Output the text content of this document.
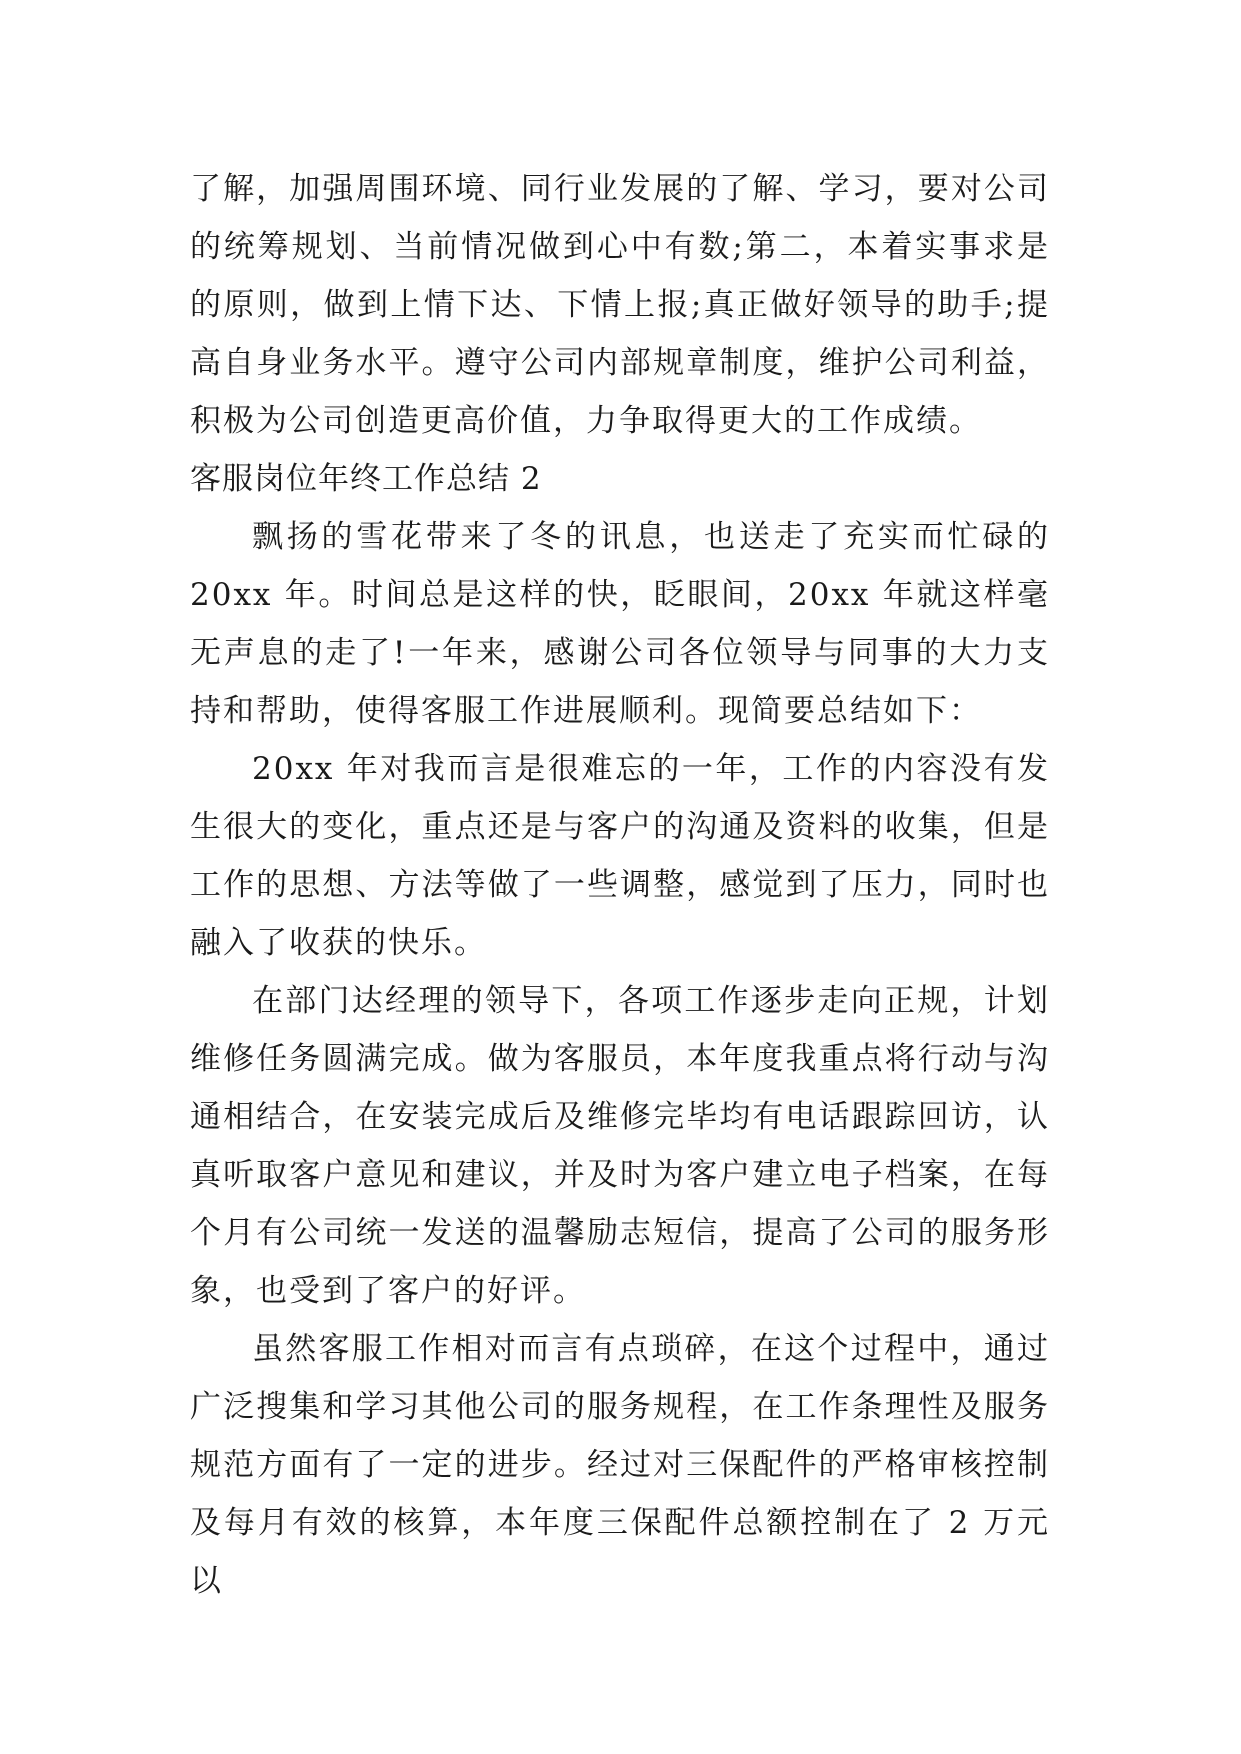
了解，加强周围环境、同行业发展的了解、学习，要对公司的统筹规划、当前情况做到心中有数;第二，本着实事求是的原则，做到上情下达、下情上报;真正做好领导的助手;提高自身业务水平。遵守公司内部规章制度，维护公司利益，积极为公司创造更高价值，力争取得更大的工作成绩。

客服岗位年终工作总结 2

飘扬的雪花带来了冬的讯息，也送走了充实而忙碌的 20xx 年。时间总是这样的快，眨眼间，20xx 年就这样毫无声息的走了!一年来，感谢公司各位领导与同事的大力支持和帮助，使得客服工作进展顺利。现简要总结如下：

20xx 年对我而言是很难忘的一年，工作的内容没有发生很大的变化，重点还是与客户的沟通及资料的收集，但是工作的思想、方法等做了一些调整，感觉到了压力，同时也融入了收获的快乐。

在部门达经理的领导下，各项工作逐步走向正规，计划维修任务圆满完成。做为客服员，本年度我重点将行动与沟通相结合，在安装完成后及维修完毕均有电话跟踪回访，认真听取客户意见和建议，并及时为客户建立电子档案，在每个月有公司统一发送的温馨励志短信，提高了公司的服务形象，也受到了客户的好评。

虽然客服工作相对而言有点琐碎，在这个过程中，通过广泛搜集和学习其他公司的服务规程，在工作条理性及服务规范方面有了一定的进步。经过对三保配件的严格审核控制及每月有效的核算，本年度三保配件总额控制在了 2 万元以
